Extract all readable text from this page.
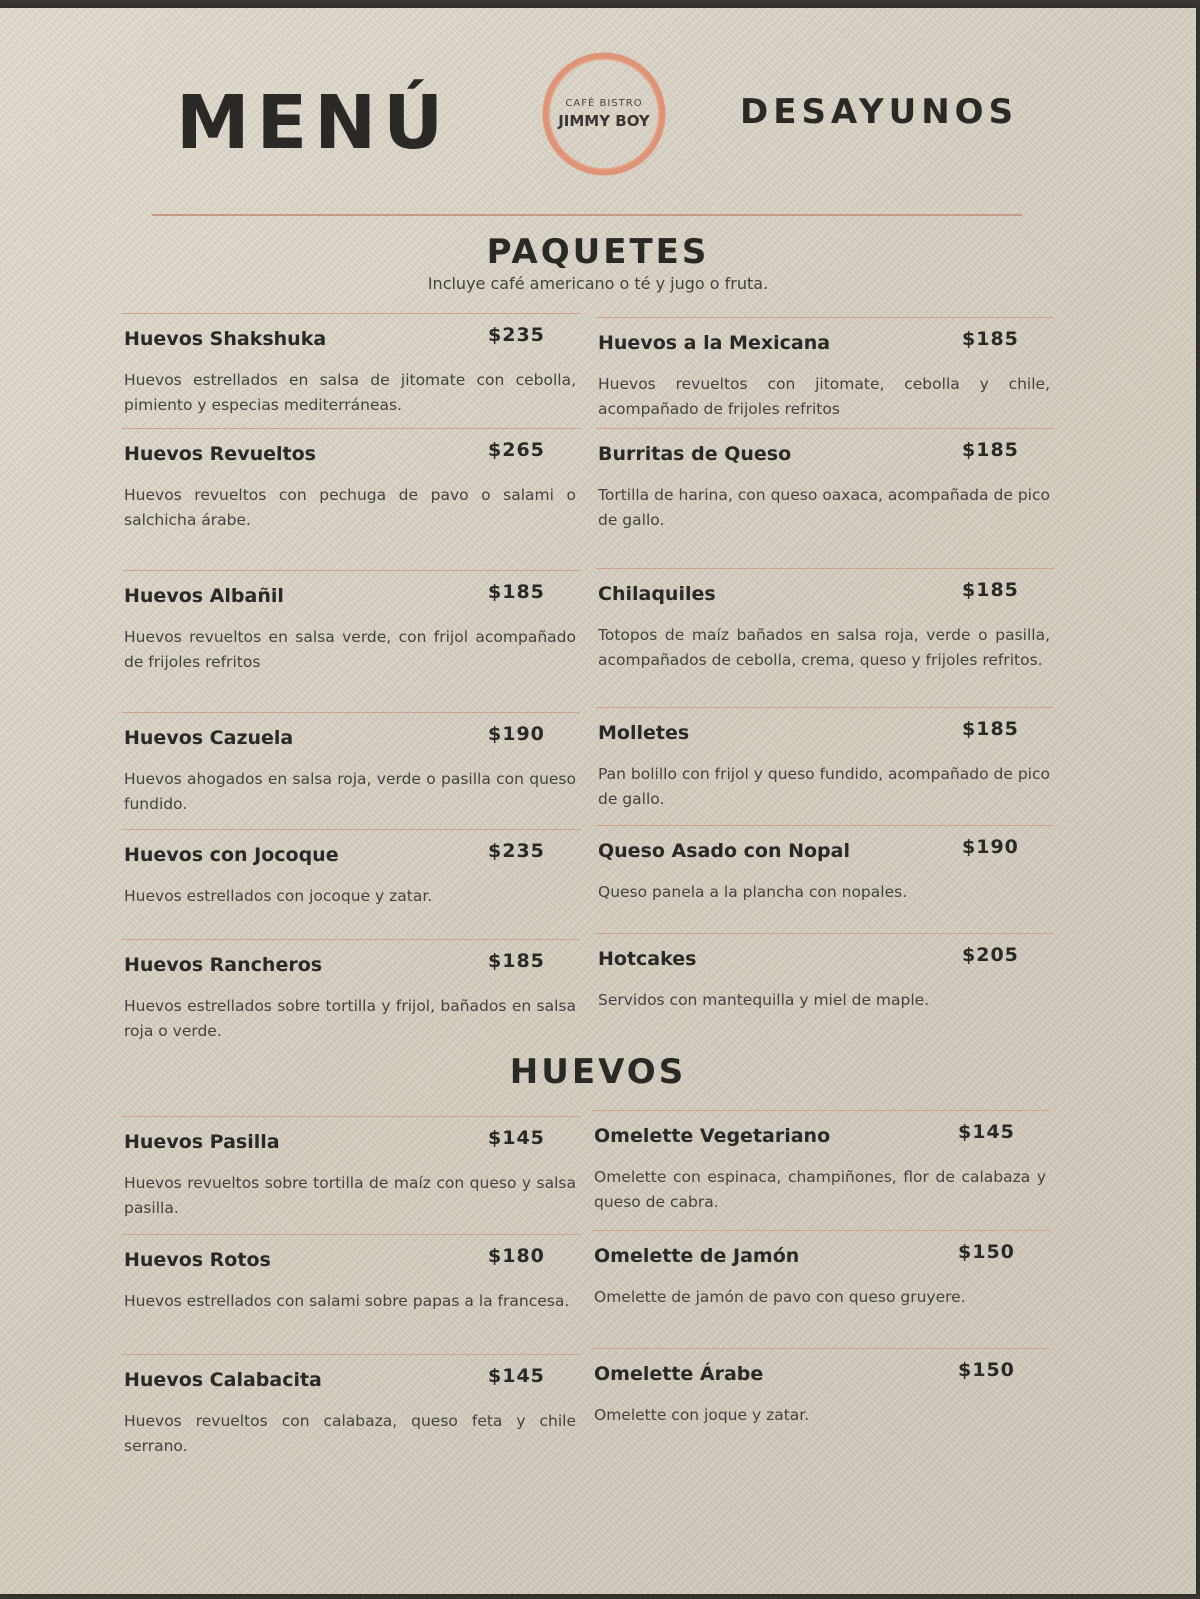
MENÚ	CAFÉ BISTRO
JIMMY BOY	DESAYUNOS
PAQUETES

Incluye café americano o té y jugo o fruta.

Huevos Shakshuka	$235
Huevos estrellados en salsa de jitomate con cebolla, pimiento y especias mediterráneas.
Huevos Revueltos	$265
Huevos revueltos con pechuga de pavo o salami o salchicha árabe.
Huevos Albañil	$185
Huevos revueltos en salsa verde, con frijol acompañado de frijoles refritos
Huevos Cazuela	$190
Huevos ahogados en salsa roja, verde o pasilla con queso fundido.
Huevos con Jocoque	$235
Huevos estrellados con jocoque y zatar.
Huevos Rancheros	$185
Huevos estrellados sobre tortilla y frijol, bañados en salsa roja o verde.
Huevos a la Mexicana	$185
Huevos revueltos con jitomate, cebolla y chile, acompañado de frijoles refritos
Burritas de Queso	$185
Tortilla de harina, con queso oaxaca, acompañada de pico de gallo.
Chilaquiles	$185
Totopos de maíz bañados en salsa roja, verde o pasilla, acompañados de cebolla, crema, queso y frijoles refritos.
Molletes	$185
Pan bolillo con frijol y queso fundido, acompañado de pico de gallo.
Queso Asado con Nopal	$190
Queso panela a la plancha con nopales.
Hotcakes	$205
Servidos con mantequilla y miel de maple.
HUEVOS
Huevos Pasilla	$145
Huevos revueltos sobre tortilla de maíz con queso y salsa pasilla.
Huevos Rotos	$180
Huevos estrellados con salami sobre papas a la francesa.
Huevos Calabacita	$145
Huevos revueltos con calabaza, queso feta y chile serrano.
Omelette Vegetariano	$145
Omelette con espinaca, champiñones, flor de calabaza y queso de cabra.
Omelette de Jamón	$150
Omelette de jamón de pavo con queso gruyere.
Omelette Árabe	$150
Omelette con joque y zatar.
